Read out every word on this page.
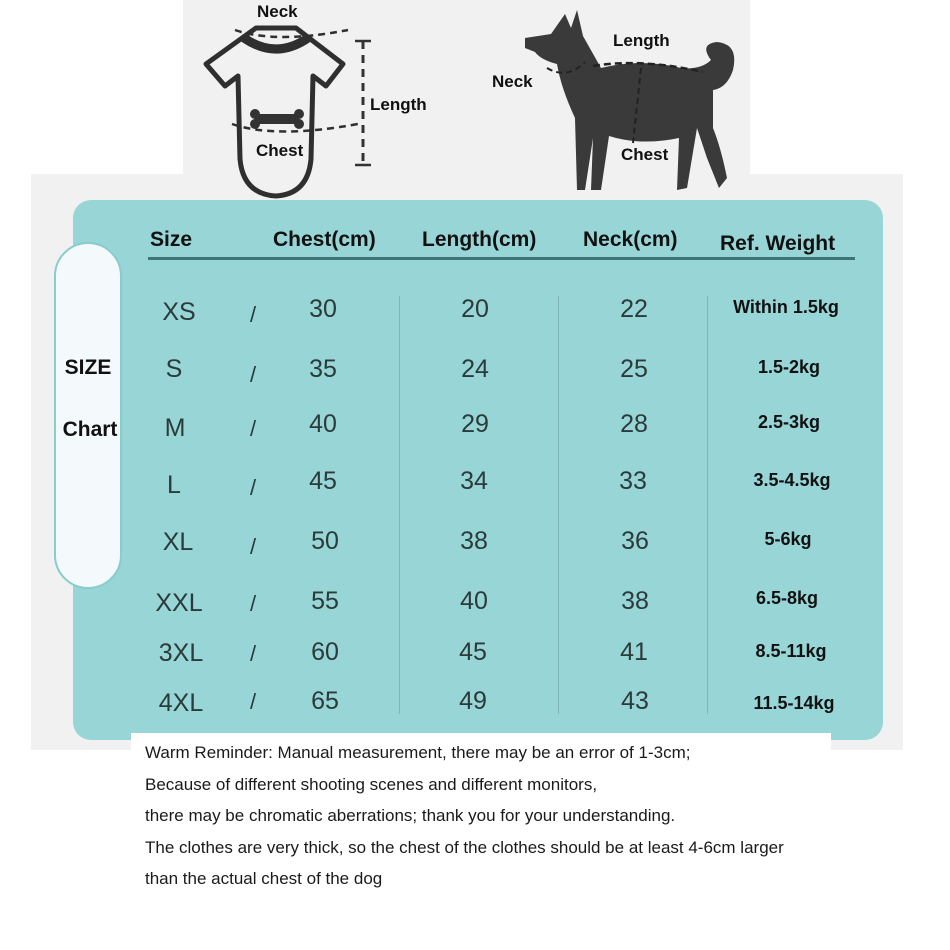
Neck
Length
Chest
Length
Neck
Chest
SIZE
Chart
Size	Chest(cm) Length(cm) Neck(cm) Ref. Weight
XS / 30	20	22	Within 1.5kg
S	/ 35	24	25	1.5-2kg
M	/ 40	29	28	2.5-3kg
L	/ 45	34	33	3.5-4.5kg
XL	/ 50	38	36	5-6kg
XXL / 55	40	38	6.5-8kg
3XL / 60	45	41	8.5-11kg
4XL / 65	49	43	11.5-14kg
Warm Reminder: Manual measurement, there may be an error of 1-3cm;
Because of different shooting scenes and different monitors,
there may be chromatic aberrations; thank you for your understanding.
The clothes are very thick, so the chest of the clothes should be at least 4-6cm larger
than the actual chest of the dog
